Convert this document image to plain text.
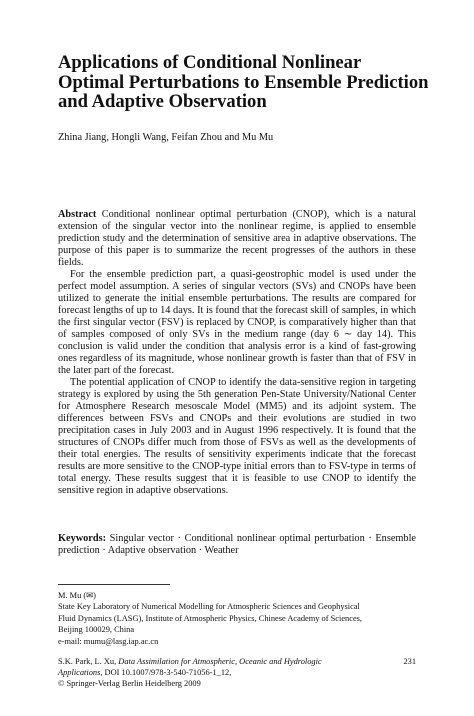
Applications of Conditional Nonlinear
Optimal Perturbations to Ensemble Prediction
and Adaptive Observation
Zhina Jiang, Hongli Wang, Feifan Zhou and Mu Mu

Abstract Conditional nonlinear optimal perturbation (CNOP), which is a natural extension of the singular vector into the nonlinear regime, is applied to ensemble prediction study and the determination of sensitive area in adaptive observations. The purpose of this paper is to summarize the recent progresses of the authors in these fields.

For the ensemble prediction part, a quasi-geostrophic model is used under the perfect model assumption. A series of singular vectors (SVs) and CNOPs have been utilized to generate the initial ensemble perturbations. The results are compared for forecast lengths of up to 14 days. It is found that the forecast skill of samples, in which the first singular vector (FSV) is replaced by CNOP, is comparatively higher than that of samples composed of only SVs in the medium range (day 6 ∼ day 14). This conclusion is valid under the condition that analysis error is a kind of fast-growing ones regardless of its magnitude, whose nonlinear growth is faster than that of FSV in the later part of the forecast.

The potential application of CNOP to identify the data-sensitive region in targeting strategy is explored by using the 5th generation Pen-State University/National Center for Atmosphere Research mesoscale Model (MM5) and its adjoint system. The differences between FSVs and CNOPs and their evolutions are studied in two precipitation cases in July 2003 and in August 1996 respectively. It is found that the structures of CNOPs differ much from those of FSVs as well as the developments of their total energies. The results of sensitivity experiments indicate that the forecast results are more sensitive to the CNOP-type initial errors than to FSV-type in terms of total energy. These results suggest that it is feasible to use CNOP to identify the sensitive region in adaptive observations.

Keywords: Singular vector · Conditional nonlinear optimal perturbation · Ensemble prediction · Adaptive observation · Weather
M. Mu (✉)
State Key Laboratory of Numerical Modelling for Atmospheric Sciences and Geophysical
Fluid Dynamics (LASG), Institute of Atmospheric Physics, Chinese Academy of Sciences,
Beijing 100029, China
e-mail: mumu@lasg.iap.ac.cn
S.K. Park, L. Xu, Data Assimilation for Atmospheric, Oceanic and Hydrologic	231
Applications, DOI 10.1007/978-3-540-71056-1_12,
© Springer-Verlag Berlin Heidelberg 2009
